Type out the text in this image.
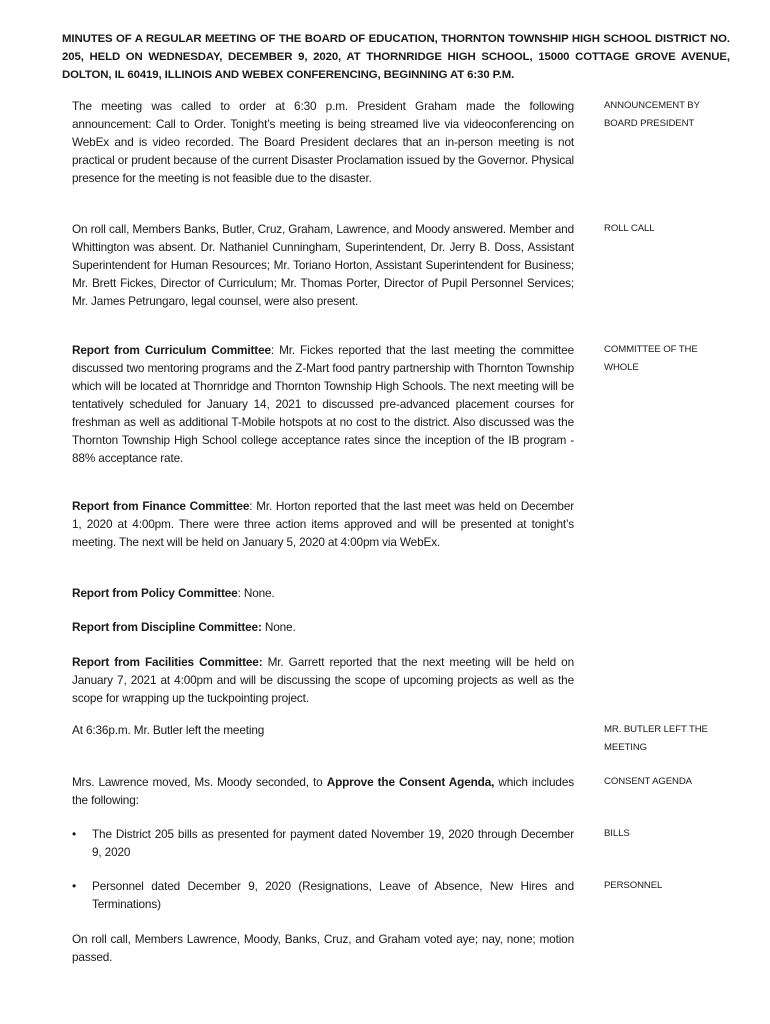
MINUTES OF A REGULAR MEETING OF THE BOARD OF EDUCATION, THORNTON TOWNSHIP HIGH SCHOOL DISTRICT NO. 205, HELD ON WEDNESDAY, DECEMBER 9, 2020, AT THORNRIDGE HIGH SCHOOL, 15000 COTTAGE GROVE AVENUE, DOLTON, IL 60419, ILLINOIS AND WEBEX CONFERENCING, BEGINNING AT 6:30 P.M.
The meeting was called to order at 6:30 p.m. President Graham made the following announcement: Call to Order. Tonight’s meeting is being streamed live via videoconferencing on WebEx and is video recorded. The Board President declares that an in-person meeting is not practical or prudent because of the current Disaster Proclamation issued by the Governor. Physical presence for the meeting is not feasible due to the disaster.
ANNOUNCEMENT BY BOARD PRESIDENT
On roll call, Members Banks, Butler, Cruz, Graham, Lawrence, and Moody answered. Member and Whittington was absent. Dr. Nathaniel Cunningham, Superintendent, Dr. Jerry B. Doss, Assistant Superintendent for Human Resources; Mr. Toriano Horton, Assistant Superintendent for Business; Mr. Brett Fickes, Director of Curriculum; Mr. Thomas Porter, Director of Pupil Personnel Services; Mr. James Petrungaro, legal counsel, were also present.
ROLL CALL
Report from Curriculum Committee: Mr. Fickes reported that the last meeting the committee discussed two mentoring programs and the Z-Mart food pantry partnership with Thornton Township which will be located at Thornridge and Thornton Township High Schools. The next meeting will be tentatively scheduled for January 14, 2021 to discussed pre-advanced placement courses for freshman as well as additional T-Mobile hotspots at no cost to the district. Also discussed was the Thornton Township High School college acceptance rates since the inception of the IB program - 88% acceptance rate.
COMMITTEE OF THE WHOLE
Report from Finance Committee: Mr. Horton reported that the last meet was held on December 1, 2020 at 4:00pm. There were three action items approved and will be presented at tonight’s meeting. The next will be held on January 5, 2020 at 4:00pm via WebEx.
Report from Policy Committee: None.
Report from Discipline Committee: None.
Report from Facilities Committee: Mr. Garrett reported that the next meeting will be held on January 7, 2021 at 4:00pm and will be discussing the scope of upcoming projects as well as the scope for wrapping up the tuckpointing project.
At 6:36p.m. Mr. Butler left the meeting	MR. BUTLER LEFT THE MEETING
Mrs. Lawrence moved, Ms. Moody seconded, to Approve the Consent Agenda, which includes the following:
CONSENT AGENDA
• The District 205 bills as presented for payment dated November 19, 2020 through December 9, 2020
BILLS
• Personnel dated December 9, 2020 (Resignations, Leave of Absence, New Hires and Terminations)
PERSONNEL
On roll call, Members Lawrence, Moody, Banks, Cruz, and Graham voted aye; nay, none; motion passed.
